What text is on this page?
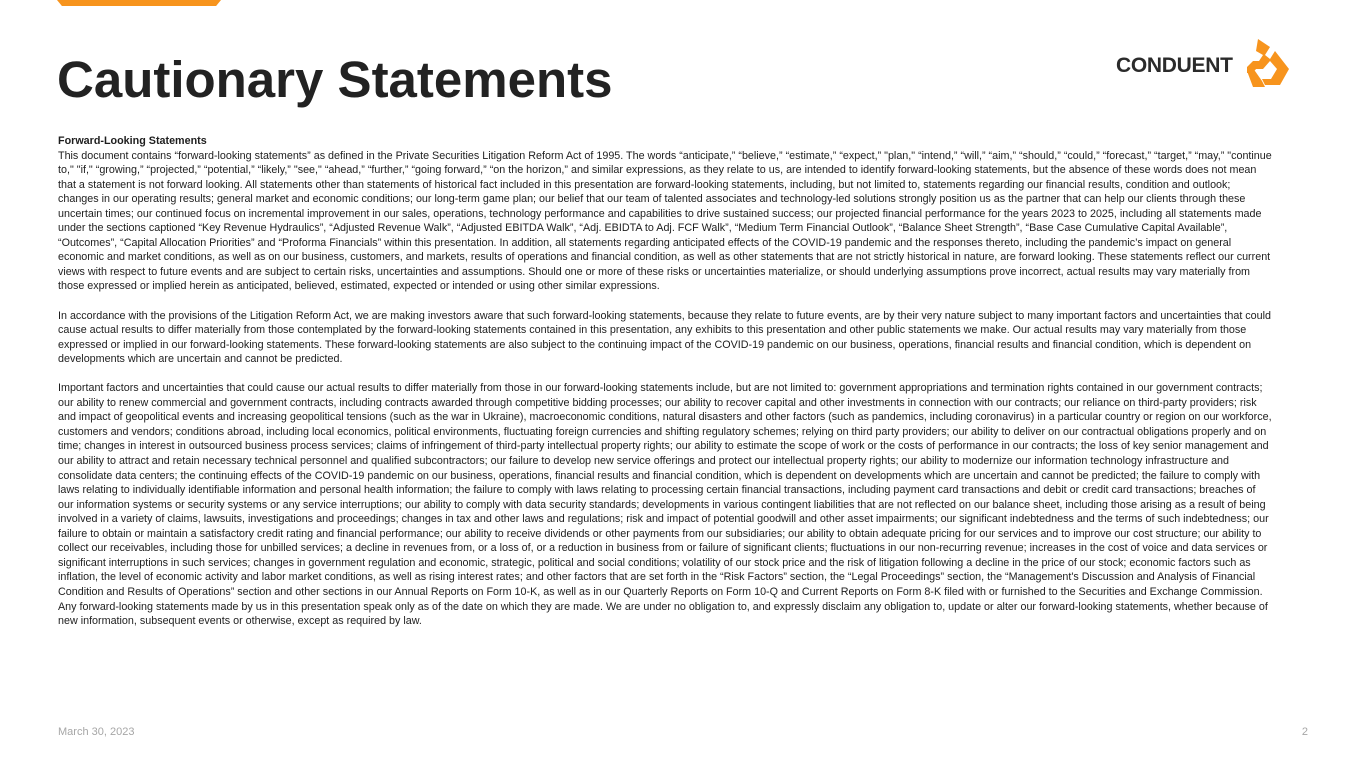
Cautionary Statements	CONDUENT
Forward-Looking Statements

This document contains “forward-looking statements” as defined in the Private Securities Litigation Reform Act of 1995. The words “anticipate,” “believe,” “estimate,” “expect,” "plan," “intend,” “will,” “aim,” “should,” “could,” “forecast,” “target,” “may,” "continue to," "if," “growing,” “projected,” “potential,” “likely,” "see," “ahead,” “further,” “going forward,” “on the horizon,” and similar expressions, as they relate to us, are intended to identify forward-looking statements, but the absence of these words does not mean that a statement is not forward looking. All statements other than statements of historical fact included in this presentation are forward-looking statements, including, but not limited to, statements regarding our financial results, condition and outlook; changes in our operating results; general market and economic conditions; our long-term game plan; our belief that our team of talented associates and technology-led solutions strongly position us as the partner that can help our clients through these uncertain times; our continued focus on incremental improvement in our sales, operations, technology performance and capabilities to drive sustained success; our projected financial performance for the years 2023 to 2025, including all statements made under the sections captioned “Key Revenue Hydraulics”, “Adjusted Revenue Walk”, “Adjusted EBITDA Walk”, “Adj. EBIDTA to Adj. FCF Walk”, “Medium Term Financial Outlook”, “Balance Sheet Strength”, “Base Case Cumulative Capital Available”, “Outcomes”, “Capital Allocation Priorities” and “Proforma Financials” within this presentation. In addition, all statements regarding anticipated effects of the COVID-19 pandemic and the responses thereto, including the pandemic’s impact on general economic and market conditions, as well as on our business, customers, and markets, results of operations and financial condition, as well as other statements that are not strictly historical in nature, are forward looking. These statements reflect our current views with respect to future events and are subject to certain risks, uncertainties and assumptions. Should one or more of these risks or uncertainties materialize, or should underlying assumptions prove incorrect, actual results may vary materially from those expressed or implied herein as anticipated, believed, estimated, expected or intended or using other similar expressions.

In accordance with the provisions of the Litigation Reform Act, we are making investors aware that such forward-looking statements, because they relate to future events, are by their very nature subject to many important factors and uncertainties that could cause actual results to differ materially from those contemplated by the forward-looking statements contained in this presentation, any exhibits to this presentation and other public statements we make. Our actual results may vary materially from those expressed or implied in our forward-looking statements. These forward-looking statements are also subject to the continuing impact of the COVID-19 pandemic on our business, operations, financial results and financial condition, which is dependent on developments which are uncertain and cannot be predicted.

Important factors and uncertainties that could cause our actual results to differ materially from those in our forward-looking statements include, but are not limited to: government appropriations and termination rights contained in our government contracts; our ability to renew commercial and government contracts, including contracts awarded through competitive bidding processes; our ability to recover capital and other investments in connection with our contracts; our reliance on third-party providers; risk and impact of geopolitical events and increasing geopolitical tensions (such as the war in Ukraine), macroeconomic conditions, natural disasters and other factors (such as pandemics, including coronavirus) in a particular country or region on our workforce, customers and vendors; conditions abroad, including local economics, political environments, fluctuating foreign currencies and shifting regulatory schemes; relying on third party providers; our ability to deliver on our contractual obligations properly and on time; changes in interest in outsourced business process services; claims of infringement of third-party intellectual property rights; our ability to estimate the scope of work or the costs of performance in our contracts; the loss of key senior management and our ability to attract and retain necessary technical personnel and qualified subcontractors; our failure to develop new service offerings and protect our intellectual property rights; our ability to modernize our information technology infrastructure and consolidate data centers; the continuing effects of the COVID-19 pandemic on our business, operations, financial results and financial condition, which is dependent on developments which are uncertain and cannot be predicted; the failure to comply with laws relating to individually identifiable information and personal health information; the failure to comply with laws relating to processing certain financial transactions, including payment card transactions and debit or credit card transactions; breaches of our information systems or security systems or any service interruptions; our ability to comply with data security standards; developments in various contingent liabilities that are not reflected on our balance sheet, including those arising as a result of being involved in a variety of claims, lawsuits, investigations and proceedings; changes in tax and other laws and regulations; risk and impact of potential goodwill and other asset impairments; our significant indebtedness and the terms of such indebtedness; our failure to obtain or maintain a satisfactory credit rating and financial performance; our ability to receive dividends or other payments from our subsidiaries; our ability to obtain adequate pricing for our services and to improve our cost structure; our ability to collect our receivables, including those for unbilled services; a decline in revenues from, or a loss of, or a reduction in business from or failure of significant clients; fluctuations in our non-recurring revenue; increases in the cost of voice and data services or significant interruptions in such services; changes in government regulation and economic, strategic, political and social conditions; volatility of our stock price and the risk of litigation following a decline in the price of our stock; economic factors such as inflation, the level of economic activity and labor market conditions, as well as rising interest rates; and other factors that are set forth in the “Risk Factors” section, the “Legal Proceedings” section, the “Management's Discussion and Analysis of Financial Condition and Results of Operations” section and other sections in our Annual Reports on Form 10-K, as well as in our Quarterly Reports on Form 10-Q and Current Reports on Form 8-K filed with or furnished to the Securities and Exchange Commission. Any forward-looking statements made by us in this presentation speak only as of the date on which they are made. We are under no obligation to, and expressly disclaim any obligation to, update or alter our forward-looking statements, whether because of new information, subsequent events or otherwise, except as required by law.

March 30, 2023	2
